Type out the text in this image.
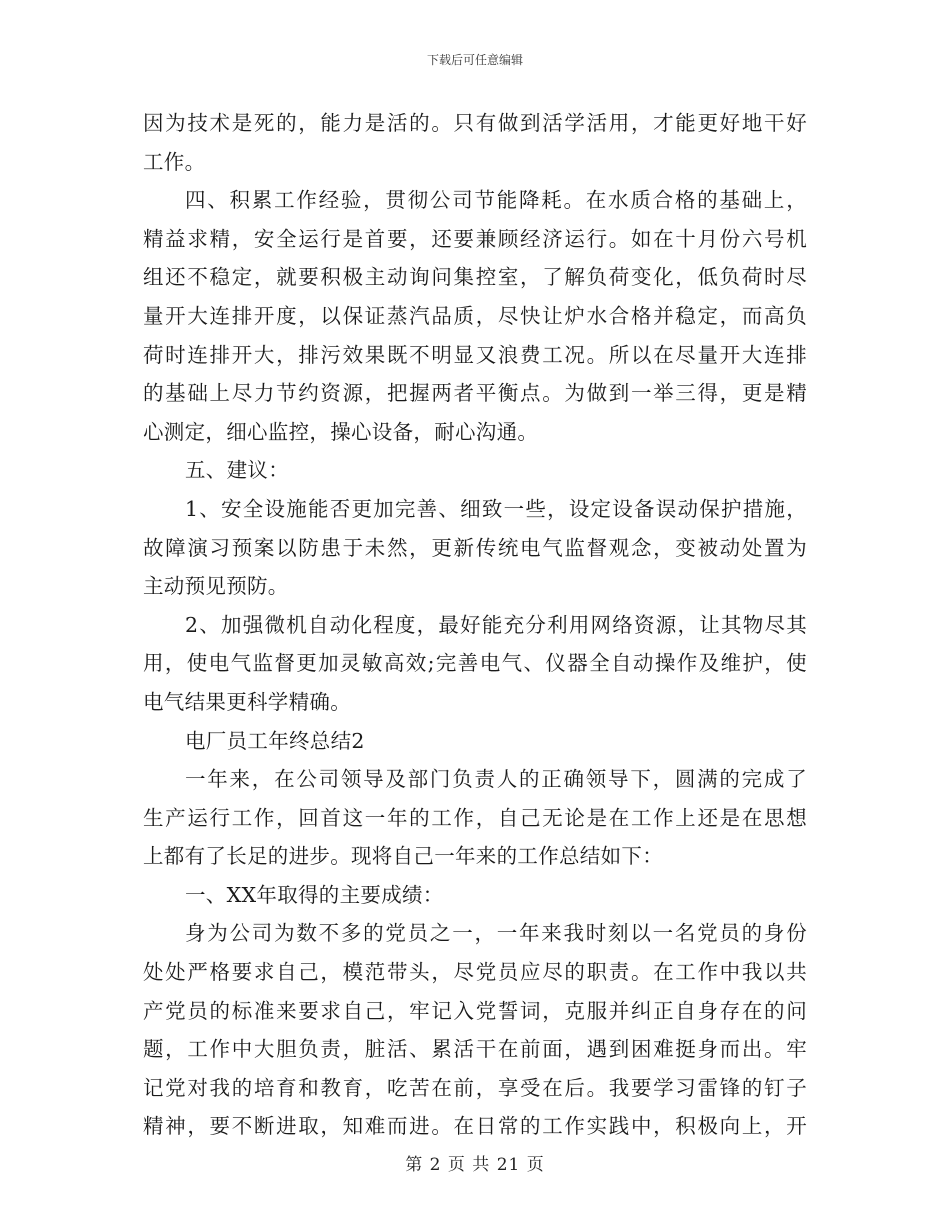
下载后可任意编辑
因为技术是死的，能力是活的。只有做到活学活用，才能更好地干好
工作。
四、积累工作经验，贯彻公司节能降耗。在水质合格的基础上，
精益求精，安全运行是首要，还要兼顾经济运行。如在十月份六号机
组还不稳定，就要积极主动询问集控室，了解负荷变化，低负荷时尽
量开大连排开度，以保证蒸汽品质，尽快让炉水合格并稳定，而高负
荷时连排开大，排污效果既不明显又浪费工况。所以在尽量开大连排
的基础上尽力节约资源，把握两者平衡点。为做到一举三得，更是精
心测定，细心监控，操心设备，耐心沟通。
五、建议：
1、安全设施能否更加完善、细致一些，设定设备误动保护措施，
故障演习预案以防患于未然，更新传统电气监督观念，变被动处置为
主动预见预防。
2、加强微机自动化程度，最好能充分利用网络资源，让其物尽其
用，使电气监督更加灵敏高效;完善电气、仪器全自动操作及维护，使
电气结果更科学精确。
电厂员工年终总结2
一年来，在公司领导及部门负责人的正确领导下，圆满的完成了
生产运行工作，回首这一年的工作，自己无论是在工作上还是在思想
上都有了长足的进步。现将自己一年来的工作总结如下：
一、XX年取得的主要成绩：
身为公司为数不多的党员之一，一年来我时刻以一名党员的身份
处处严格要求自己，模范带头，尽党员应尽的职责。在工作中我以共
产党员的标准来要求自己，牢记入党誓词，克服并纠正自身存在的问
题，工作中大胆负责，脏活、累活干在前面，遇到困难挺身而出。牢
记党对我的培育和教育，吃苦在前，享受在后。我要学习雷锋的钉子
精神，要不断进取，知难而进。在日常的工作实践中，积极向上，开
第 2 页 共 21 页
